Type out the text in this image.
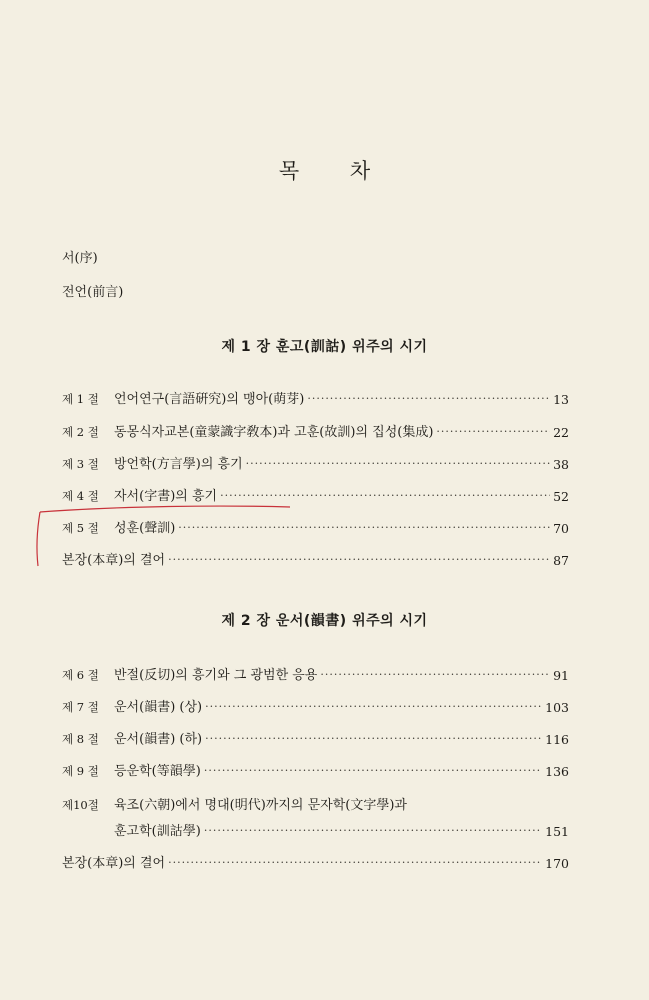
목 차
서(序)
전언(前言)
제 1 장 훈고(訓詁) 위주의 시기
제 1 절	언어연구(言語硏究)의 맹아(萌芽) ·····	13
제 2 절	동몽식자교본(童蒙識字敎本)과 고훈(故訓)의 집성(集成) ·····	22
제 3 절	방언학(方言學)의 흥기 ·····	38
제 4 절	자서(字書)의 흥기 ·····	52
제 5 절	성훈(聲訓) ·····	70
본장(本章)의 결어 ·····	87
제 2 장 운서(韻書) 위주의 시기
제 6 절	반절(反切)의 흥기와 그 광범한 응용 ·····	91
제 7 절	운서(韻書) (상) ·····	103
제 8 절	운서(韻書) (하) ·····	116
제 9 절	등운학(等韻學) ·····	136
제10절	육조(六朝)에서 명대(明代)까지의 문자학(文字學)과
훈고학(訓詁學) ·····	151
본장(本章)의 결어 ·····	170
